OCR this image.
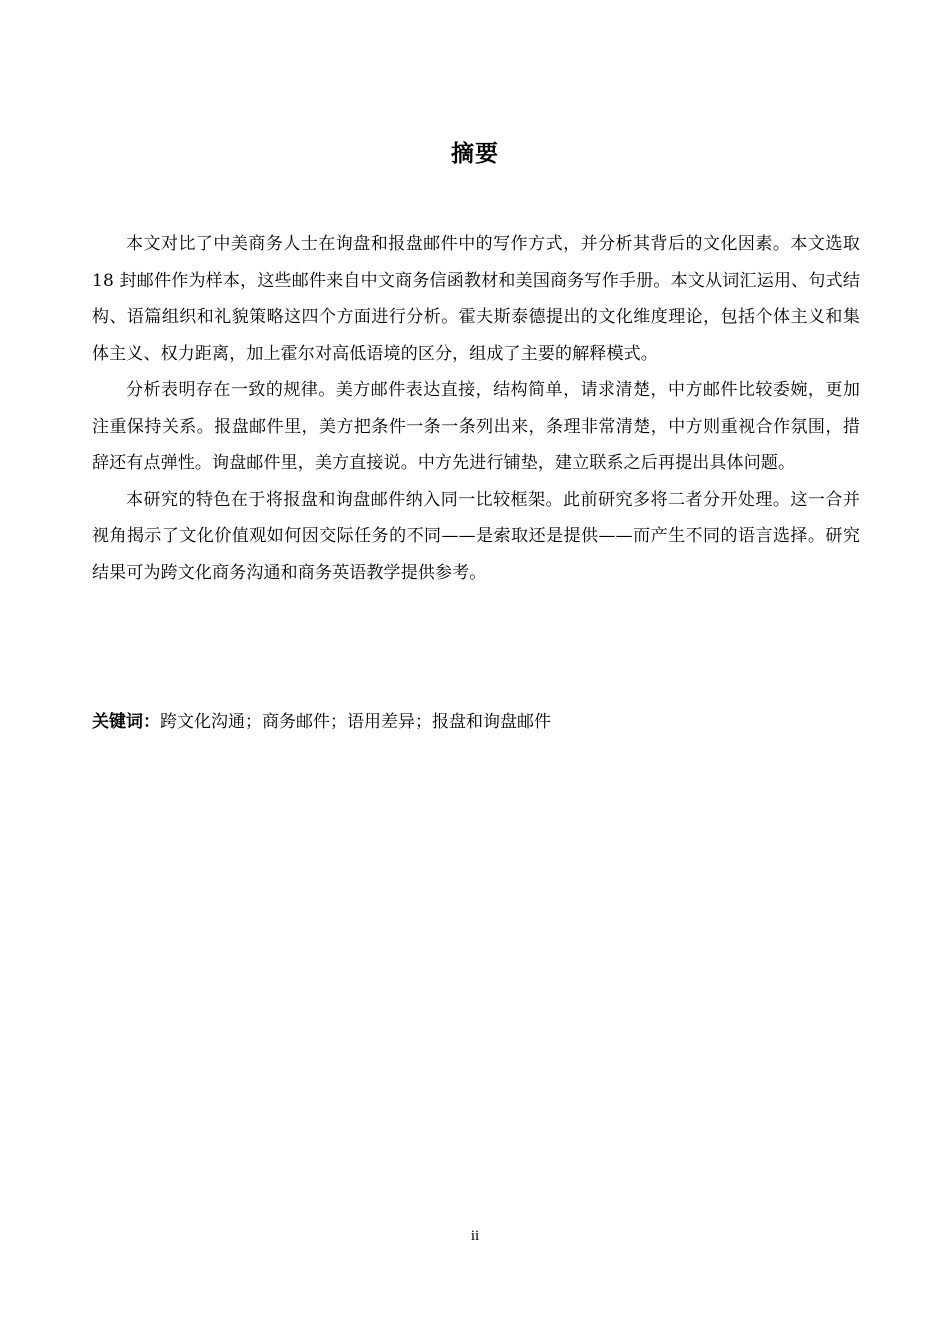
摘要

本文对比了中美商务人士在询盘和报盘邮件中的写作方式，并分析其背后的文化因素。本文选取 18 封邮件作为样本，这些邮件来自中文商务信函教材和美国商务写作手册。本文从词汇运用、句式结构、语篇组织和礼貌策略这四个方面进行分析。霍夫斯泰德提出的文化维度理论，包括个体主义和集体主义、权力距离，加上霍尔对高低语境的区分，组成了主要的解释模式。

分析表明存在一致的规律。美方邮件表达直接，结构简单，请求清楚，中方邮件比较委婉，更加注重保持关系。报盘邮件里，美方把条件一条一条列出来，条理非常清楚，中方则重视合作氛围，措辞还有点弹性。询盘邮件里，美方直接说。中方先进行铺垫，建立联系之后再提出具体问题。

本研究的特色在于将报盘和询盘邮件纳入同一比较框架。此前研究多将二者分开处理。这一合并视角揭示了文化价值观如何因交际任务的不同——是索取还是提供——而产生不同的语言选择。研究结果可为跨文化商务沟通和商务英语教学提供参考。

关键词：跨文化沟通；商务邮件；语用差异；报盘和询盘邮件
ii
